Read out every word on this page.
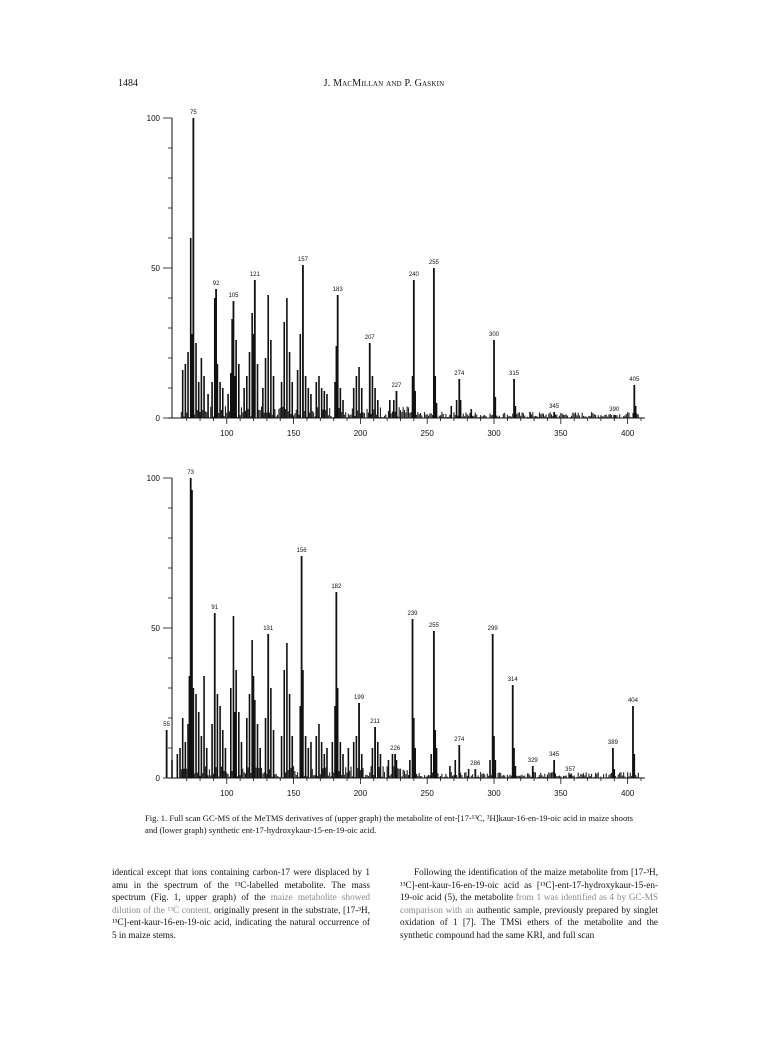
1484	J. MacMillan and P. Gaskin
0
50
100
100	150	200	250	300	350	400
75
92
105
121
157
183
207
227
240
255
274
300
315
345	390
405
0
50
100
100	150	200	250	300	350	400
55
73
91
131
156
182
199
211
226
239
255
274
286
299
314
329
345
357
389
404
Fig. 1. Full scan GC-MS of the MeTMS derivatives of (upper graph) the metabolite of ent-[17-¹³C, ³H]kaur-16-en-19-oic acid in maize shoots and (lower graph) synthetic ent-17-hydroxykaur-15-en-19-oic acid.

identical except that ions containing carbon-17 were displaced by 1 amu in the spectrum of the ¹³C-labelled metabolite. The mass spectrum (Fig. 1, upper graph) of the maize metabolite showed dilution of the ¹³C content, originally present in the substrate, [17-³H, ¹³C]-ent-kaur-16-en-19-oic acid, indicating the natural occurrence of 5 in maize stems.

Following the identification of the maize metabolite from [17-³H, ¹³C]-ent-kaur-16-en-19-oic acid as [¹³C]-ent-17-hydroxykaur-15-en-19-oic acid (5), the metabolite from 1 was identified as 4 by GC-MS comparison with an authentic sample, previously prepared by singlet oxidation of 1 [7]. The TMSi ethers of the metabolite and the synthetic compound had the same KRI, and full scan
